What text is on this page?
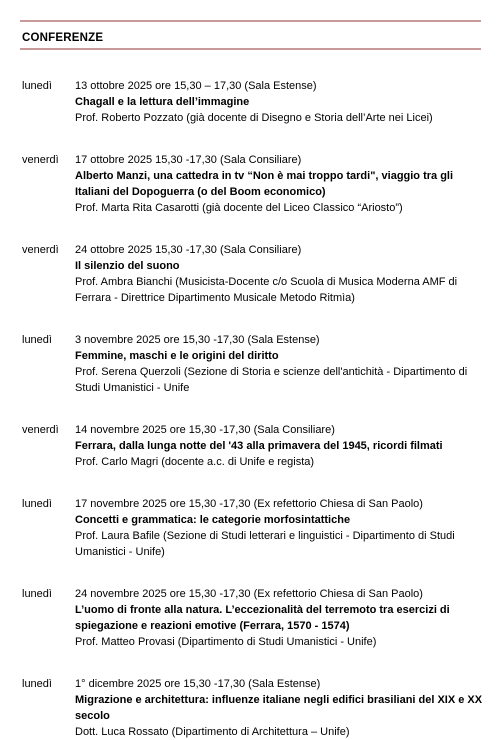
CONFERENZE
lunedì 13 ottobre 2025 ore 15,30 – 17,30 (Sala Estense)
Chagall e la lettura dell’immagine
Prof. Roberto Pozzato (già docente di Disegno e Storia dell’Arte nei Licei)
venerdì 17 ottobre 2025 15,30 -17,30 (Sala Consiliare)
Alberto Manzi, una cattedra in tv “Non è mai troppo tardi", viaggio tra gli Italiani del Dopoguerra (o del Boom economico)
Prof. Marta Rita Casarotti (già docente del Liceo Classico “Ariosto”)
venerdì 24 ottobre 2025 15,30 -17,30 (Sala Consiliare)
Il silenzio del suono
Prof. Ambra Bianchi (Musicista-Docente c/o Scuola di Musica Moderna AMF di Ferrara - Direttrice Dipartimento Musicale Metodo Ritmìa)
lunedì 3 novembre 2025 ore 15,30 -17,30 (Sala Estense)
Femmine, maschi e le origini del diritto
Prof. Serena Querzoli (Sezione di Storia e scienze dell'antichità - Dipartimento di Studi Umanistici - Unife
venerdì 14 novembre 2025 ore 15,30 -17,30 (Sala Consiliare)
Ferrara, dalla lunga notte del '43 alla primavera del 1945, ricordi filmati
Prof. Carlo Magri (docente a.c. di Unife e regista)
lunedì 17 novembre 2025 ore 15,30 -17,30 (Ex refettorio Chiesa di San Paolo)
Concetti e grammatica: le categorie morfosintattiche
Prof. Laura Bafile (Sezione di Studi letterari e linguistici - Dipartimento di Studi Umanistici - Unife)
lunedì 24 novembre 2025 ore 15,30 -17,30 (Ex refettorio Chiesa di San Paolo)
L’uomo di fronte alla natura. L’eccezionalità del terremoto tra esercizi di spiegazione e reazioni emotive (Ferrara, 1570 - 1574)
Prof. Matteo Provasi (Dipartimento di Studi Umanistici - Unife)
lunedì 1° dicembre 2025 ore 15,30 -17,30 (Sala Estense)
Migrazione e architettura: influenze italiane negli edifici brasiliani del XIX e XX secolo
Dott. Luca Rossato (Dipartimento di Architettura – Unife)
